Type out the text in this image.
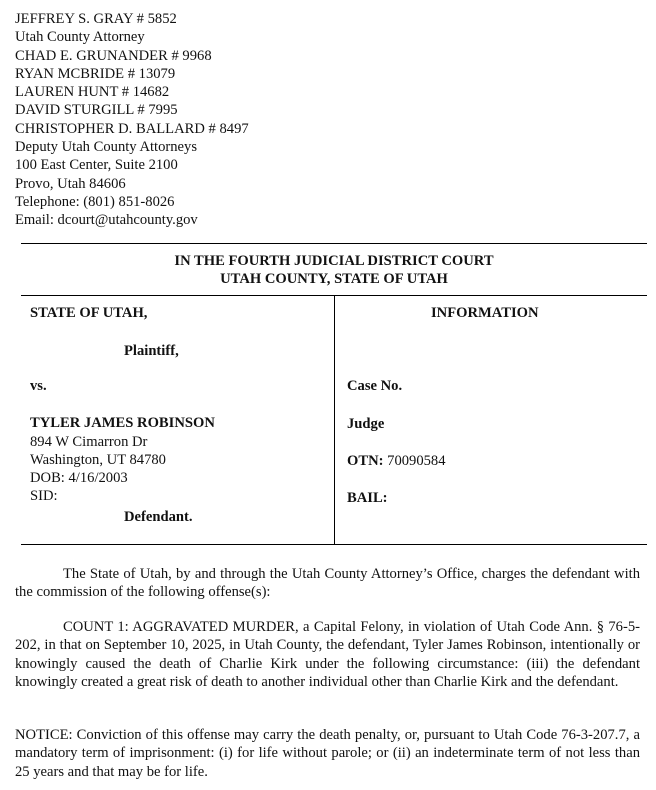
JEFFREY S. GRAY # 5852
Utah County Attorney
CHAD E. GRUNANDER # 9968
RYAN MCBRIDE # 13079
LAUREN HUNT # 14682
DAVID STURGILL # 7995
CHRISTOPHER D. BALLARD # 8497
Deputy Utah County Attorneys
100 East Center, Suite 2100
Provo, Utah 84606
Telephone: (801) 851-8026
Email: dcourt@utahcounty.gov
IN THE FOURTH JUDICIAL DISTRICT COURT
UTAH COUNTY, STATE OF UTAH
STATE OF UTAH,
Plaintiff,
vs.
TYLER JAMES ROBINSON
894 W Cimarron Dr
Washington, UT 84780
DOB: 4/16/2003
SID:
Defendant.
INFORMATION
Case No.
Judge
OTN: 70090584
BAIL:
The State of Utah, by and through the Utah County Attorney’s Office, charges the defendant with the commission of the following offense(s):
COUNT 1: AGGRAVATED MURDER, a Capital Felony, in violation of Utah Code Ann. § 76-5-202, in that on September 10, 2025, in Utah County, the defendant, Tyler James Robinson, intentionally or knowingly caused the death of Charlie Kirk under the following circumstance: (iii) the defendant knowingly created a great risk of death to another individual other than Charlie Kirk and the defendant.
NOTICE: Conviction of this offense may carry the death penalty, or, pursuant to Utah Code 76-3-207.7, a mandatory term of imprisonment: (i) for life without parole; or (ii) an indeterminate term of not less than 25 years and that may be for life.
